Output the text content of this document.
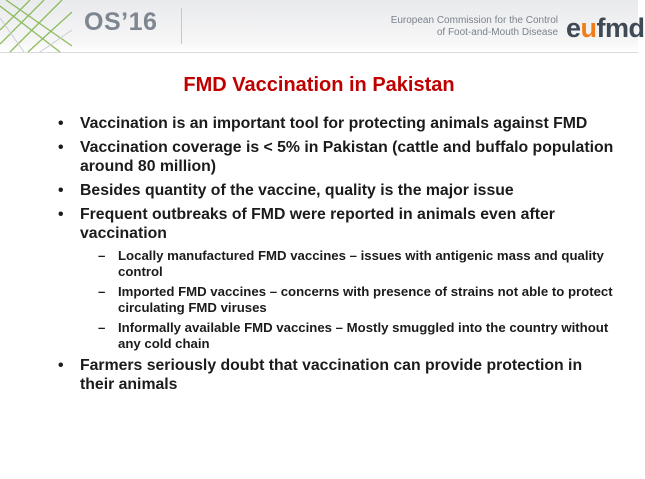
OS’16	European Commission for the Control
of Foot-and-Mouth Disease eufmd
FMD Vaccination in Pakistan
• Vaccination is an important tool for protecting animals against FMD
• Vaccination coverage is < 5% in Pakistan (cattle and buffalo population around 80 million)
• Besides quantity of the vaccine, quality is the major issue
• Frequent outbreaks of FMD were reported in animals even after vaccination
– Locally manufactured FMD vaccines – issues with antigenic mass and quality control
– Imported FMD vaccines – concerns with presence of strains not able to protect circulating FMD viruses
– Informally available FMD vaccines – Mostly smuggled into the country without any cold chain
• Farmers seriously doubt that vaccination can provide protection in their animals
